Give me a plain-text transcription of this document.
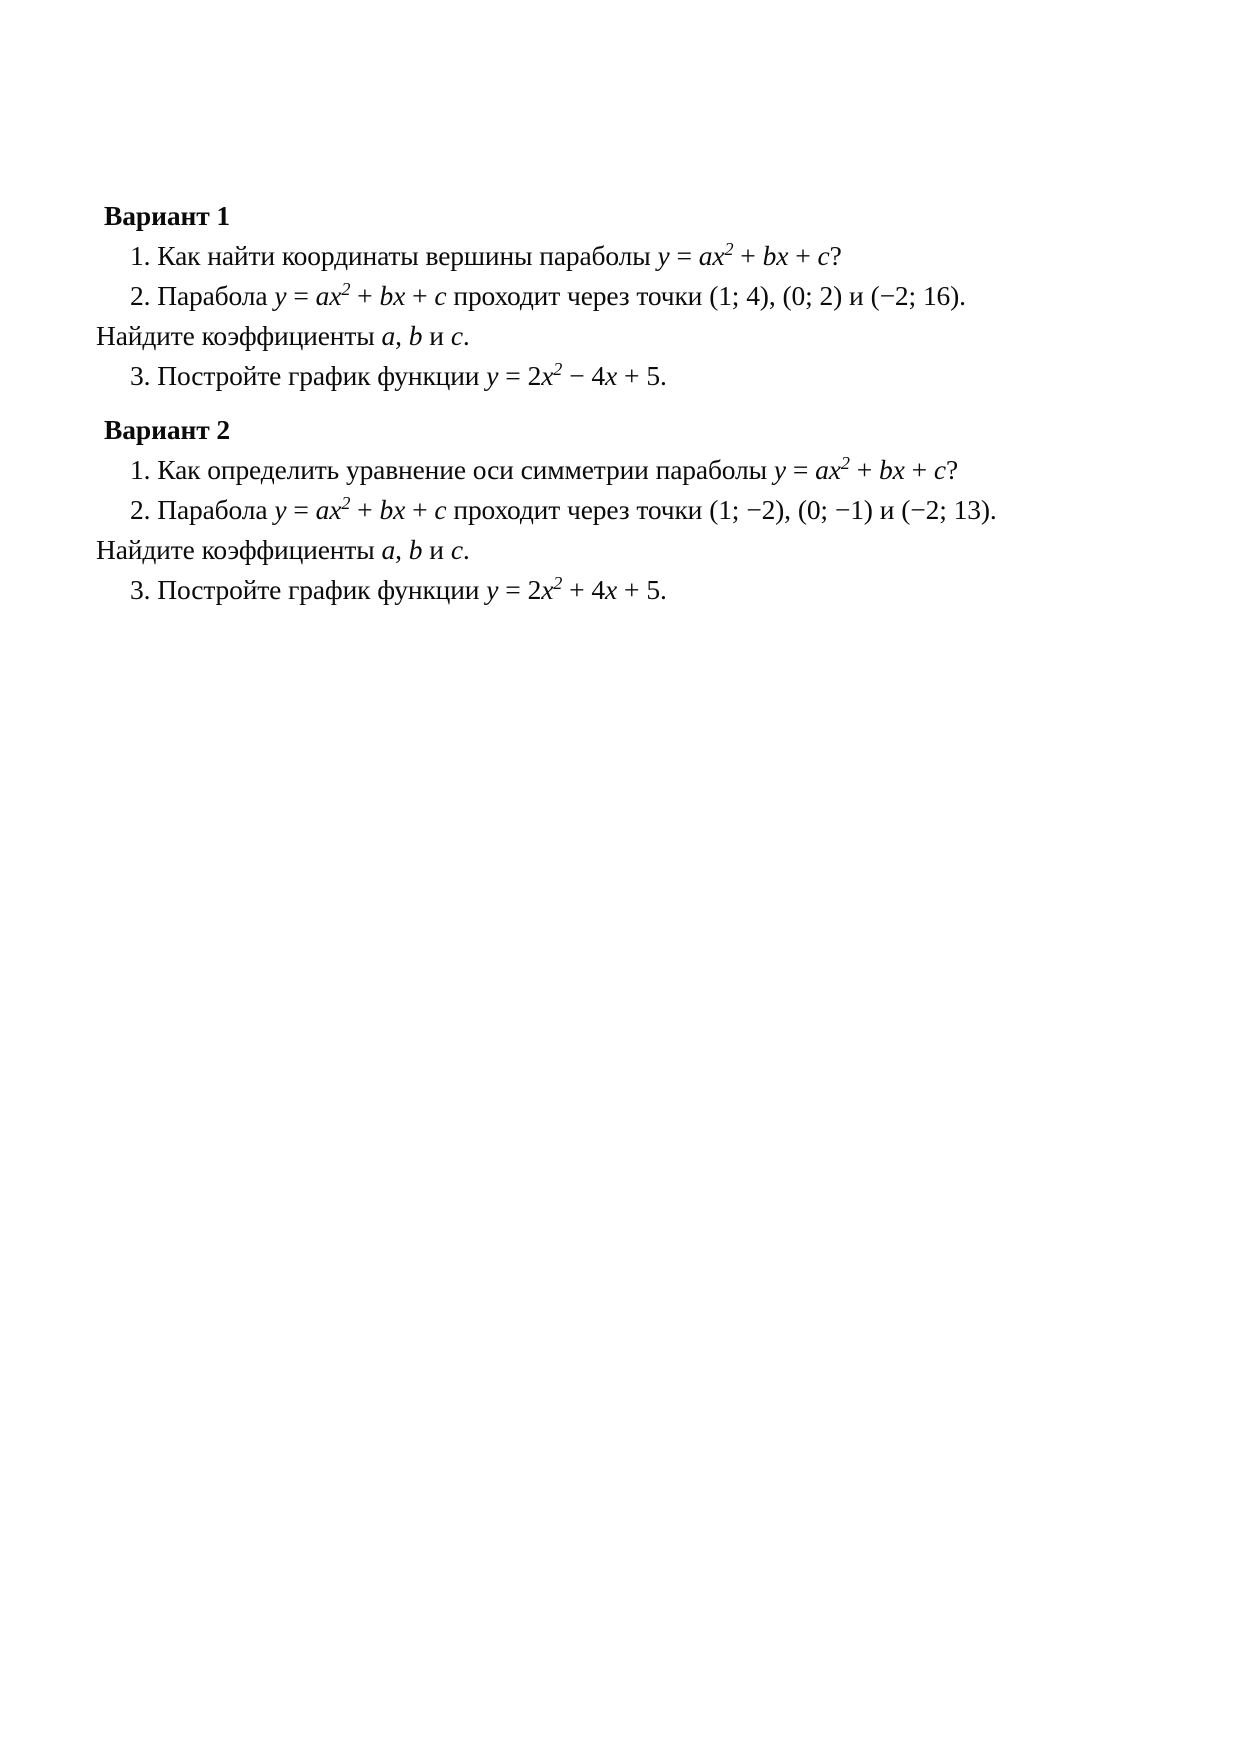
Вариант 1

1. Как найти координаты вершины параболы $y = ax^2$ + bx + c?

2. Парабола $y = ax^2$ + bx + c проходит через точки (1; 4), (0; 2) и (−2; 16). Найдите коэффициенты a, b и c.

3. Постройте график функции $y = 2x^2 - 4x + 5$.

Вариант 2

1. Как определить уравнение оси симметрии параболы $y = ax^2$ + bx + c?

2. Парабола $y = ax^2$ + bx + c проходит через точки (1; −2), (0; −1) и (−2; 13). Найдите коэффициенты a, b и c.

3. Постройте график функции $y = 2x^2 + 4x + 5$.
